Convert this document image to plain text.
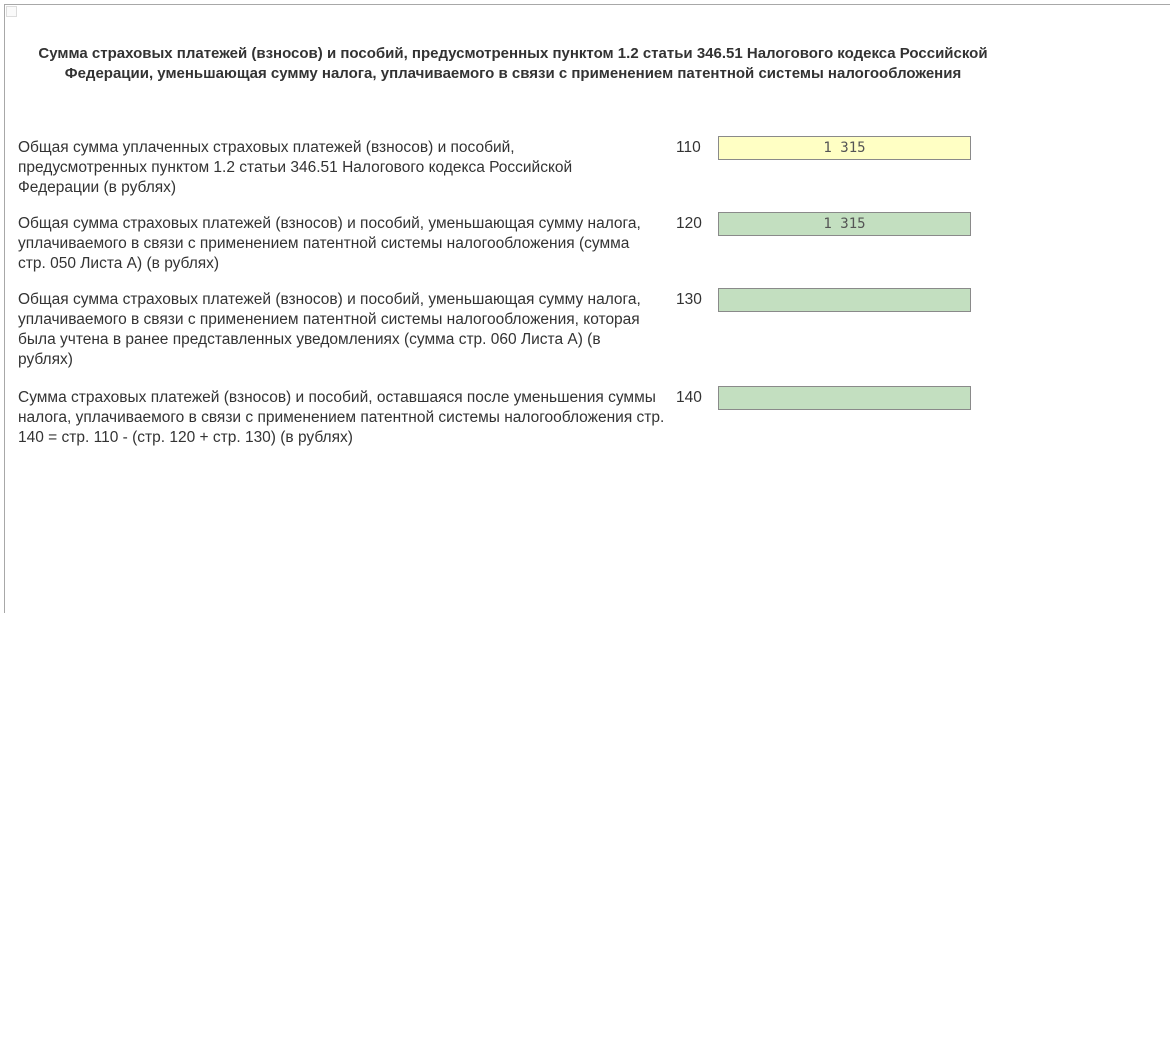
Сумма страховых платежей (взносов) и пособий, предусмотренных пунктом 1.2 статьи 346.51 Налогового кодекса Российской Федерации, уменьшающая сумму налога, уплачиваемого в связи с применением патентной системы налогообложения
Общая сумма уплаченных страховых платежей (взносов) и пособий, предусмотренных пунктом 1.2 статьи 346.51 Налогового кодекса Российской Федерации (в рублях)
110	1 315
Общая сумма страховых платежей (взносов) и пособий, уменьшающая сумму налога, уплачиваемого в связи с применением патентной системы налогообложения (сумма стр. 050 Листа А) (в рублях)
120	1 315
Общая сумма страховых платежей (взносов) и пособий, уменьшающая сумму налога, уплачиваемого в связи с применением патентной системы налогообложения, которая была учтена в ранее представленных уведомлениях (сумма стр. 060 Листа А) (в рублях)
130
Сумма страховых платежей (взносов) и пособий, оставшаяся после уменьшения суммы налога, уплачиваемого в связи с применением патентной системы налогообложения стр. 140 = стр. 110 - (стр. 120 + стр. 130) (в рублях)
140
